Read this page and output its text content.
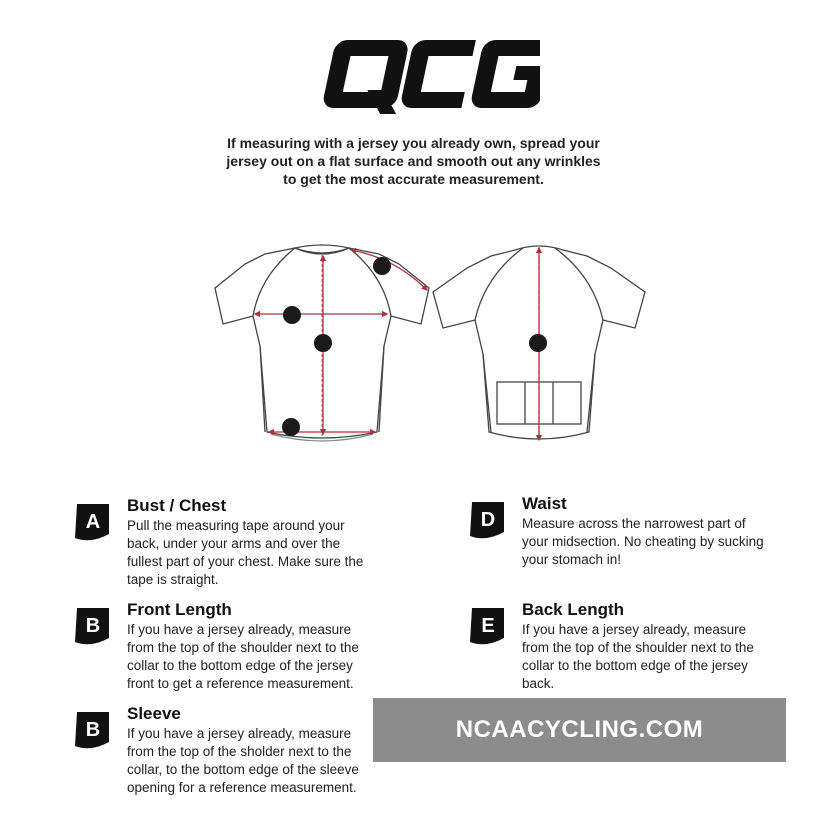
If measuring with a jersey you already own, spread your
jersey out on a flat surface and smooth out any wrinkles
to get the most accurate measurement.
A
B
C
D
E
A
Bust / Chest
Pull the measuring tape around your
back, under your arms and over the
fullest part of your chest. Make sure the
tape is straight.
B
Front Length
If you have a jersey already, measure
from the top of the shoulder next to the
collar to the bottom edge of the jersey
front to get a reference measurement.
B
Sleeve
If you have a jersey already, measure
from the top of the sholder next to the
collar, to the bottom edge of the sleeve
opening for a reference measurement.
D
Waist
Measure across the narrowest part of
your midsection. No cheating by sucking
your stomach in!
E
Back Length
If you have a jersey already, measure
from the top of the shoulder next to the
collar to the bottom edge of the jersey
back.
NCAACYCLING.COM
